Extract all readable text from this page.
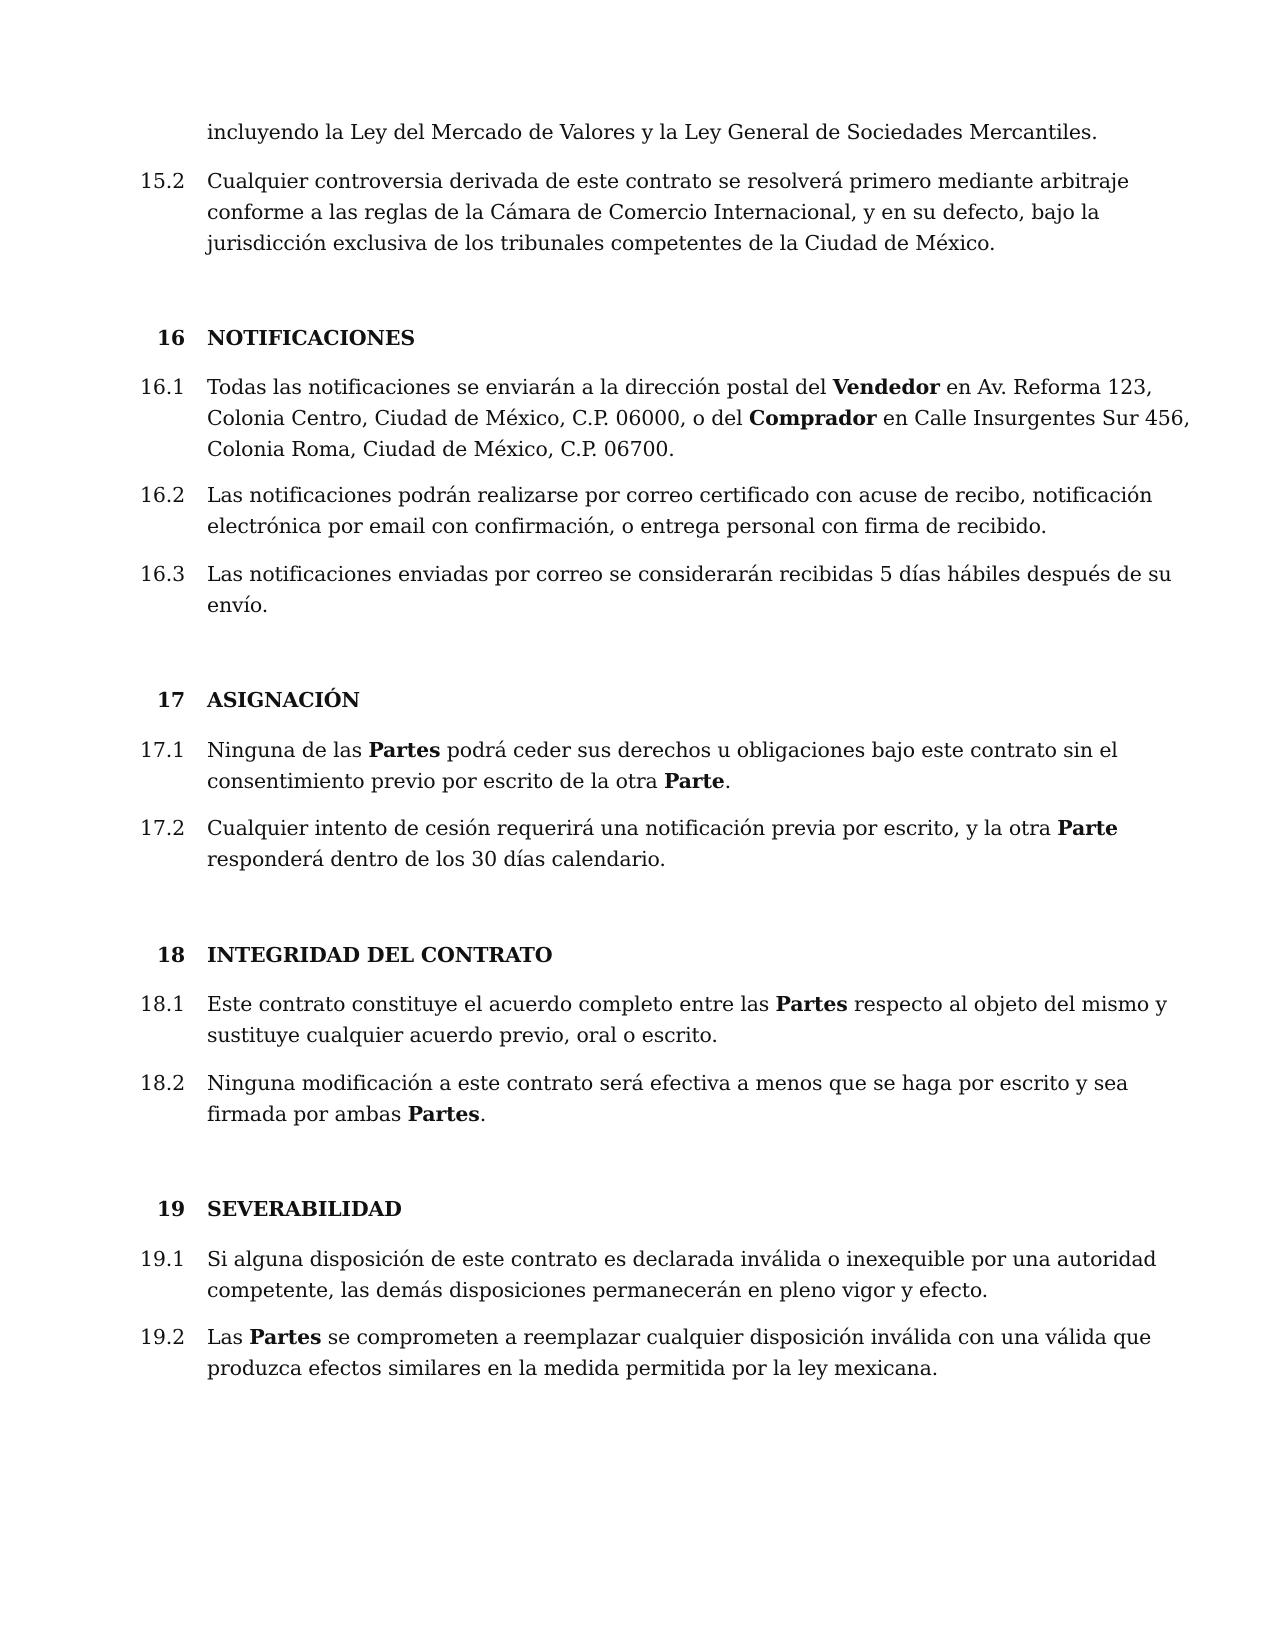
incluyendo la Ley del Mercado de Valores y la Ley General de Sociedades Mercantiles.
15.2	Cualquier controversia derivada de este contrato se resolverá primero mediante arbitraje
conforme a las reglas de la Cámara de Comercio Internacional, y en su defecto, bajo la
jurisdicción exclusiva de los tribunales competentes de la Ciudad de México.
16 NOTIFICACIONES
16.1	Todas las notificaciones se enviarán a la dirección postal del Vendedor en Av. Reforma 123,
Colonia Centro, Ciudad de México, C.P. 06000, o del Comprador en Calle Insurgentes Sur 456,
Colonia Roma, Ciudad de México, C.P. 06700.
16.2	Las notificaciones podrán realizarse por correo certificado con acuse de recibo, notificación
electrónica por email con confirmación, o entrega personal con firma de recibido.
16.3	Las notificaciones enviadas por correo se considerarán recibidas 5 días hábiles después de su
envío.
17 ASIGNACIÓN
17.1	Ninguna de las Partes podrá ceder sus derechos u obligaciones bajo este contrato sin el
consentimiento previo por escrito de la otra Parte.
17.2	Cualquier intento de cesión requerirá una notificación previa por escrito, y la otra Parte
responderá dentro de los 30 días calendario.
18 INTEGRIDAD DEL CONTRATO
18.1	Este contrato constituye el acuerdo completo entre las Partes respecto al objeto del mismo y
sustituye cualquier acuerdo previo, oral o escrito.
18.2	Ninguna modificación a este contrato será efectiva a menos que se haga por escrito y sea
firmada por ambas Partes.
19 SEVERABILIDAD
19.1	Si alguna disposición de este contrato es declarada inválida o inexequible por una autoridad
competente, las demás disposiciones permanecerán en pleno vigor y efecto.
19.2	Las Partes se comprometen a reemplazar cualquier disposición inválida con una válida que
produzca efectos similares en la medida permitida por la ley mexicana.
